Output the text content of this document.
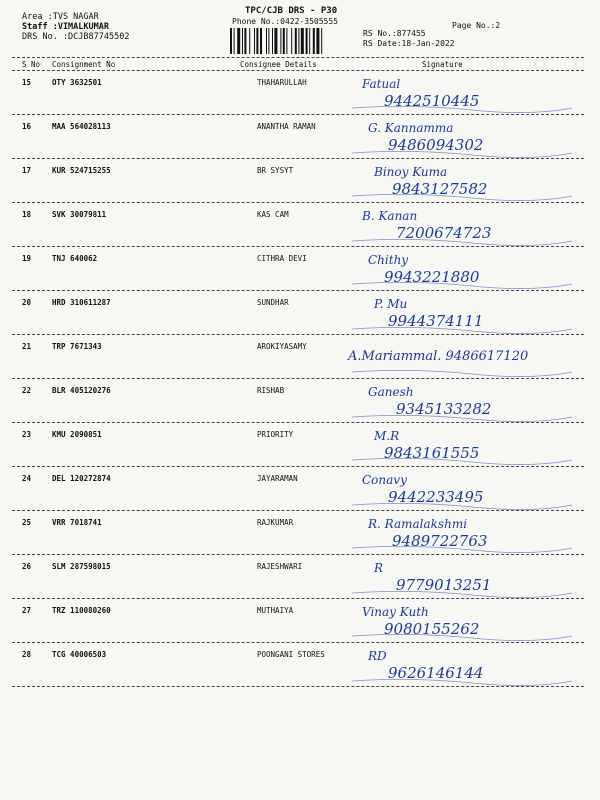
Area :TVS NAGAR
Staff :VIMALKUMAR
DRS No. :DCJB87745502
TPC/CJB DRS - P30
Phone No.:0422-3505555	Page No.:2
RS No.:877455
RS Date:18-Jan-2022
S No Consignment No	Consignee Details	Signature
15	OTY 3632501	THAHARULLAH	Fatual
9442510445
16	MAA 564028113	ANANTHA RAMAN	G. Kannamma
9486094302
17	KUR 524715255	BR SYSYT	Binoy Kuma
9843127582
18	SVK 30079811	KAS CAM	B. Kanan
7200674723
19	TNJ 640062	CITHRA DEVI	Chithy
9943221880
20	HRD 310611287	SUNDHAR	P. Mu
9944374111
21	TRP 7671343	AROKIYASAMY
A.Mariammal. 9486617120
22	BLR 405120276	RISHAB	Ganesh
9345133282
23	KMU 2090851	PRIORITY	M.R
9843161555
24	DEL 120272874	JAYARAMAN	Conavy
9442233495
25	VRR 7018741	RAJKUMAR	R. Ramalakshmi
9489722763
26	SLM 287598015	RAJESHWARI	R
9779013251
27	TRZ 110080260	MUTHAIYA	Vinay Kuth
9080155262
28	TCG 40006503	POONGANI STORES	RD
9626146144
